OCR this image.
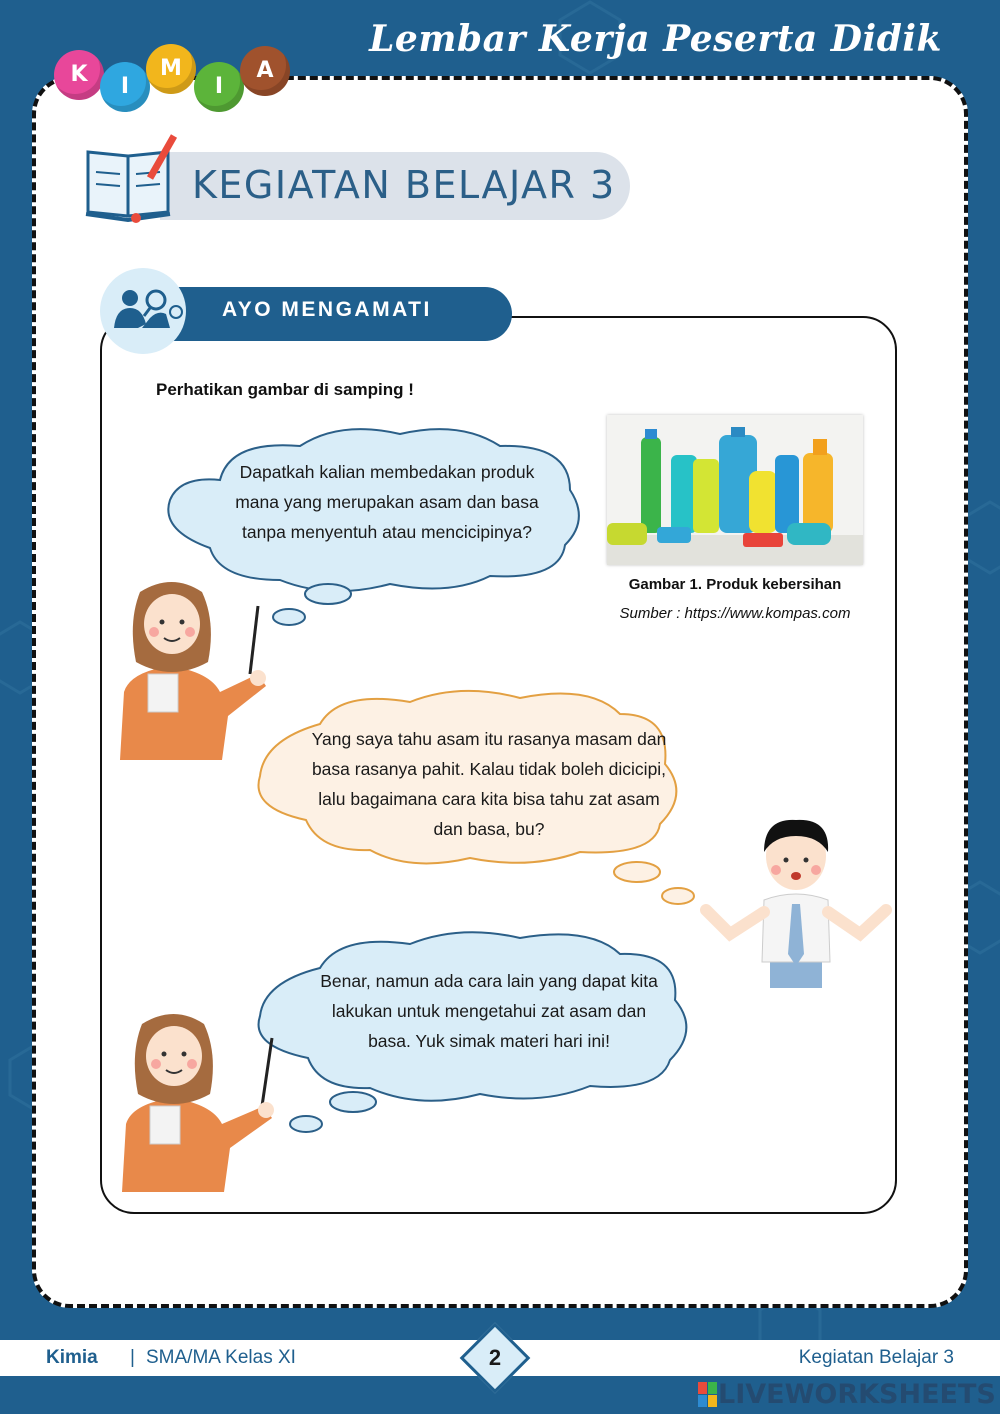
Lembar Kerja Peserta Didik
K	I
M
I
A
KEGIATAN BELAJAR 3
AYO MENGAMATI
Perhatikan gambar di samping !
Dapatkah kalian membedakan produk mana yang merupakan asam dan basa tanpa menyentuh atau mencicipinya?
Gambar 1. Produk kebersihan
Sumber : https://www.kompas.com
Yang saya tahu asam itu rasanya masam dan basa rasanya pahit. Kalau tidak boleh dicicipi, lalu bagaimana cara kita bisa tahu zat asam dan basa, bu?
Benar, namun ada cara lain yang dapat kita lakukan untuk mengetahui zat asam dan basa. Yuk simak materi hari ini!
Kimia | SMA/MA Kelas XI	2	Kegiatan Belajar 3
LIVEWORKSHEETS
